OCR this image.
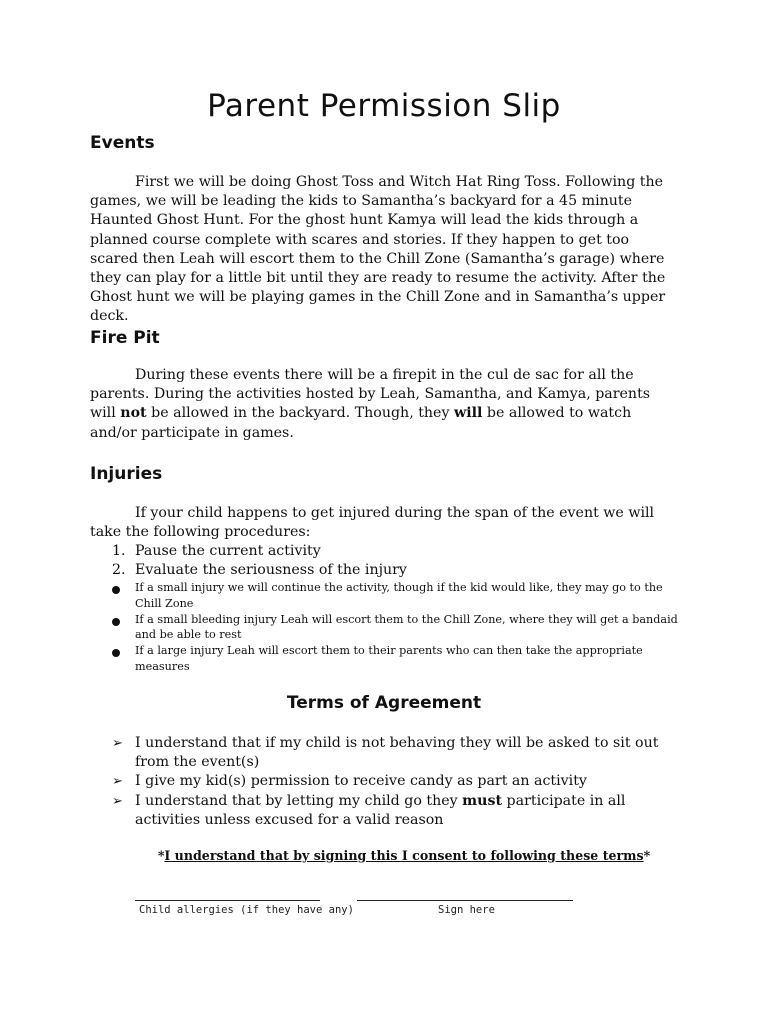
Parent Permission Slip
Events

First we will be doing Ghost Toss and Witch Hat Ring Toss. Following the games, we will be leading the kids to Samantha’s backyard for a 45 minute Haunted Ghost Hunt. For the ghost hunt Kamya will lead the kids through a planned course complete with scares and stories. If they happen to get too scared then Leah will escort them to the Chill Zone (Samantha’s garage) where they can play for a little bit until they are ready to resume the activity. After the Ghost hunt we will be playing games in the Chill Zone and in Samantha’s upper deck.

Fire Pit

During these events there will be a firepit in the cul de sac for all the parents. During the activities hosted by Leah, Samantha, and Kamya, parents will not be allowed in the backyard. Though, they will be allowed to watch and/or participate in games.

Injuries

If your child happens to get injured during the span of the event we will take the following procedures:

1. Pause the current activity
2. Evaluate the seriousness of the injury
If a small injury we will continue the activity, though if the kid would like, they may go to the Chill Zone
If a small bleeding injury Leah will escort them to the Chill Zone, where they will get a bandaid and be able to rest
If a large injury Leah will escort them to their parents who can then take the appropriate measures
Terms of Agreement
➢ I understand that if my child is not behaving they will be asked to sit out from the event(s)
➢ I give my kid(s) permission to receive candy as part an activity
➢ I understand that by letting my child go they must participate in all activities unless excused for a valid reason

*I understand that by signing this I consent to following these terms*

Child allergies (if they have any)	Sign here
